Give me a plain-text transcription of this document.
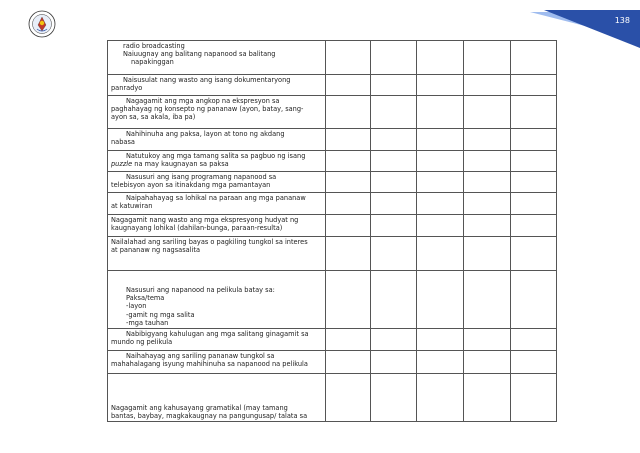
138
radio broadcasting
Naiuugnay ang balitang napanood sa balitang
napakinggan					

Naisusulat nang wasto ang isang dokumentaryong
panradyo					

Nagagamit ang mga angkop na ekspresyon sa
paghahayag ng konsepto ng pananaw (ayon, batay, sang-
ayon sa, sa akala, iba pa)					

Nahihinuha ang paksa, layon at tono ng akdang
nabasa					

Natutukoy ang mga tamang salita sa pagbuo ng isang
puzzle na may kaugnayan sa paksa					

Nasusuri ang isang programang napanood sa
telebisyon ayon sa itinakdang mga pamantayan					

Naipahahayag sa lohikal na paraan ang mga pananaw
at katuwiran					

Nagagamit nang wasto ang mga ekspresyong hudyat ng
kaugnayang lohikal (dahilan-bunga, paraan-resulta)					

Nailalahad ang sariling bayas o pagkiling tungkol sa interes
at pananaw ng nagsasalita					

Nasusuri ang napanood na pelikula batay sa:
Paksa/tema
-layon
-gamit ng mga salita
-mga tauhan					

Nabibigyang kahulugan ang mga salitang ginagamit sa
mundo ng pelikula					

Naihahayag ang sariling pananaw tungkol sa
mahahalagang isyung mahihinuha sa napanood na pelikula					

Nagagamit ang kahusayang gramatikal (may tamang
bantas, baybay, magkakaugnay na pangungusap/ talata sa					
